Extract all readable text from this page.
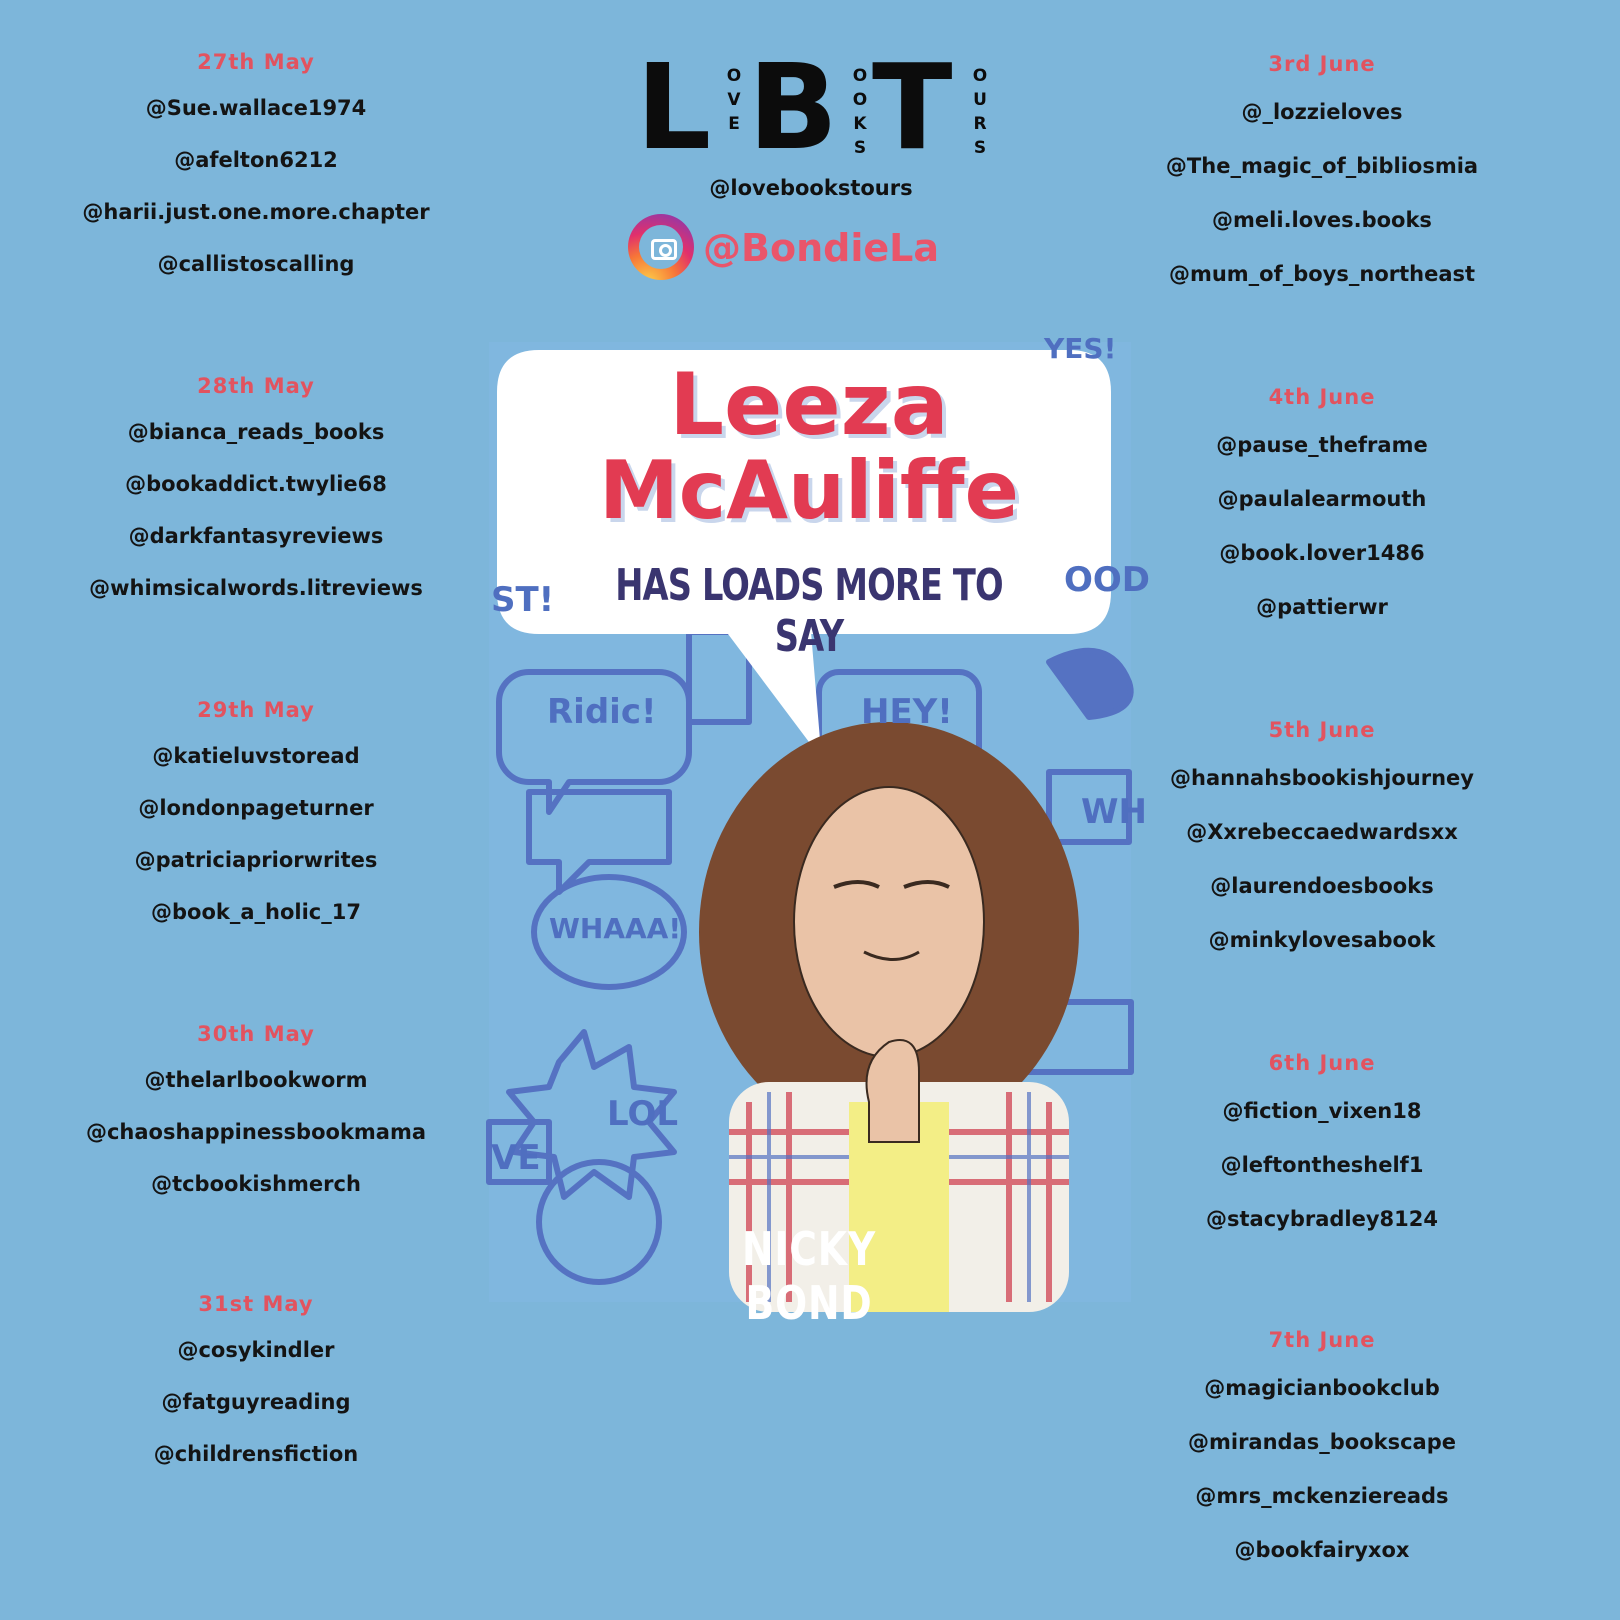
27th May
@Sue.wallace1974
@afelton6212
@harii.just.one.more.chapter
@callistoscalling
28th May
@bianca_reads_books
@bookaddict.twylie68
@darkfantasyreviews
@whimsicalwords.litreviews
29th May
@katieluvstoread
@londonpageturner
@patriciapriorwrites
@book_a_holic_17
30th May
@thelarlbookworm
@chaoshappinessbookmama
@tcbookishmerch
31st May
@cosykindler
@fatguyreading
@childrensfiction
3rd June
@_lozzieloves
@The_magic_of_bibliosmia
@meli.loves.books
@mum_of_boys_northeast
4th June
@pause_theframe
@paulalearmouth
@book.lover1486
@pattierwr
5th June
@hannahsbookishjourney
@Xxrebeccaedwardsxx
@laurendoesbooks
@minkylovesabook
6th June
@fiction_vixen18
@leftontheshelf1
@stacybradley8124
7th June
@magicianbookclub
@mirandas_bookscape
@mrs_mckenziereads
@bookfairyxox
L OVE B OOKS T OURS
@lovebookstours
@BondieLa
Leeza
McAuliffe
HAS LOADS MORE TO SAY
Ridic!	HEY!
WHAAA!
LOL
VE
ST!	OOD
WH
YES!
NICKY BOND
